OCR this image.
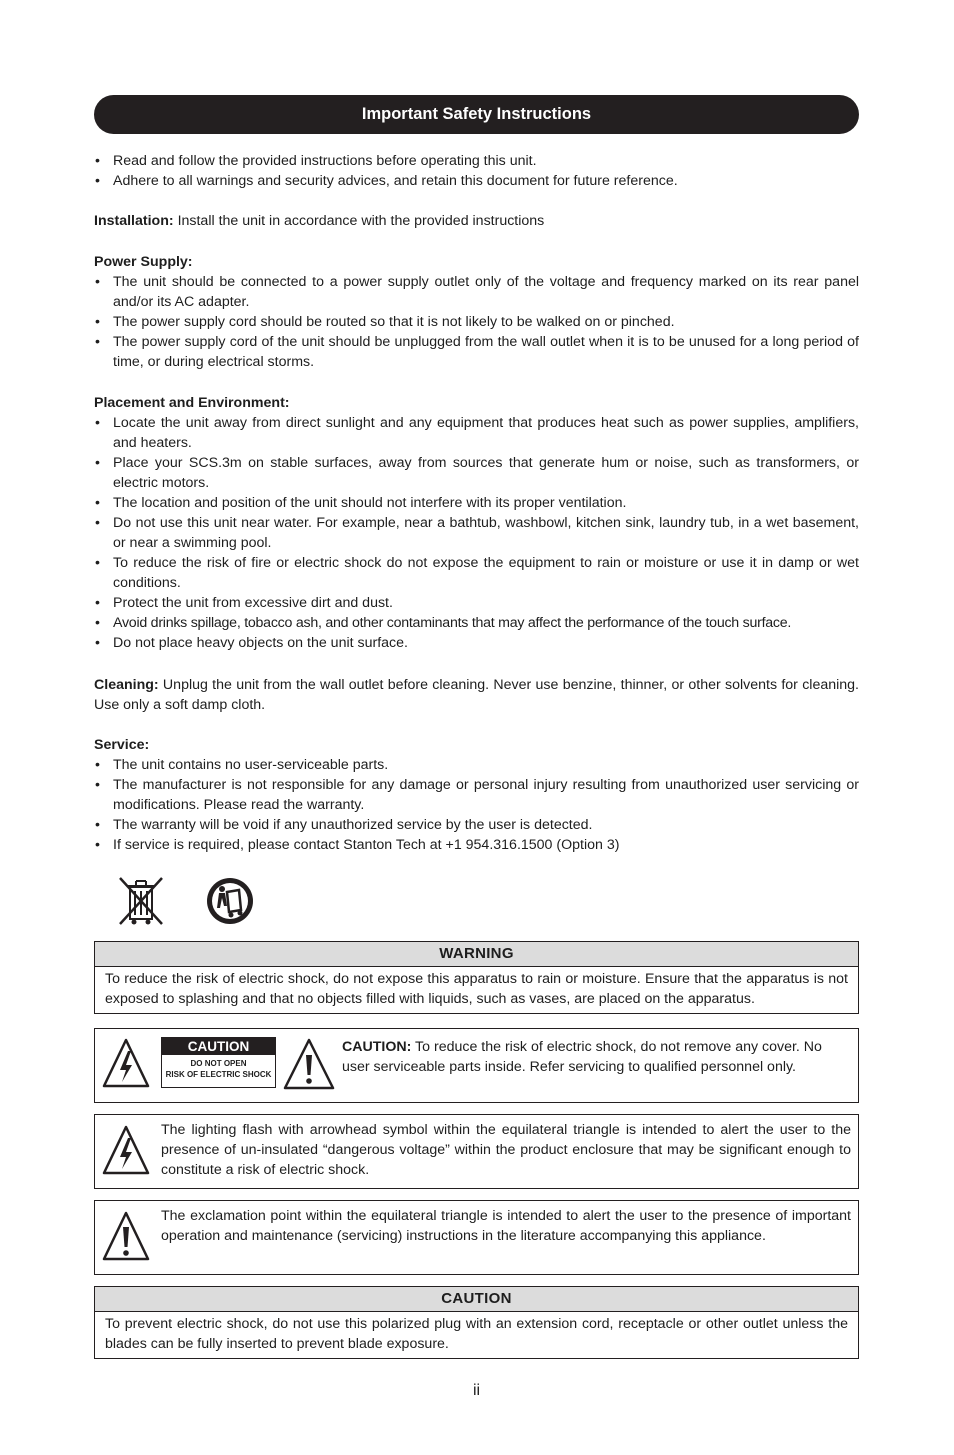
Important Safety Instructions
• Read and follow the provided instructions before operating this unit.
• Adhere to all warnings and security advices, and retain this document for future reference.

Installation: Install the unit in accordance with the provided instructions

Power Supply:
• The unit should be connected to a power supply outlet only of the voltage and frequency marked on its rear panel and/or its AC adapter.
• The power supply cord should be routed so that it is not likely to be walked on or pinched.
• The power supply cord of the unit should be unplugged from the wall outlet when it is to be unused for a long period of time, or during electrical storms.
Placement and Environment:
• Locate the unit away from direct sunlight and any equipment that produces heat such as power supplies, amplifiers, and heaters.
• Place your SCS.3m on stable surfaces, away from sources that generate hum or noise, such as transformers, or electric motors.
• The location and position of the unit should not interfere with its proper ventilation.
• Do not use this unit near water. For example, near a bathtub, washbowl, kitchen sink, laundry tub, in a wet basement, or near a swimming pool.
• To reduce the risk of fire or electric shock do not expose the equipment to rain or moisture or use it in damp or wet conditions.
• Protect the unit from excessive dirt and dust.
• Avoid drinks spillage, tobacco ash, and other contaminants that may affect the performance of the touch surface.
• Do not place heavy objects on the unit surface.

Cleaning: Unplug the unit from the wall outlet before cleaning. Never use benzine, thinner, or other solvents for cleaning. Use only a soft damp cloth.

Service:
• The unit contains no user-serviceable parts.
• The manufacturer is not responsible for any damage or personal injury resulting from unauthorized user servicing or modifications. Please read the warranty.
• The warranty will be void if any unauthorized service by the user is detected.
• If service is required, please contact Stanton Tech at +1 954.316.1500 (Option 3)
WARNING
To reduce the risk of electric shock, do not expose this apparatus to rain or moisture. Ensure that the apparatus is not exposed to splashing and that no objects filled with liquids, such as vases, are placed on the apparatus.
CAUTION
DO NOT OPEN
RISK OF ELECTRIC SHOCK
CAUTION: To reduce the risk of electric shock, do not remove any cover. No user serviceable parts inside. Refer servicing to qualified personnel only.
The lighting flash with arrowhead symbol within the equilateral triangle is intended to alert the user to the presence of un-insulated “dangerous voltage” within the product enclosure that may be significant enough to constitute a risk of electric shock.
The exclamation point within the equilateral triangle is intended to alert the user to the presence of important operation and maintenance (servicing) instructions in the literature accompanying this appliance.
CAUTION
To prevent electric shock, do not use this polarized plug with an extension cord, receptacle or other outlet unless the blades can be fully inserted to prevent blade exposure.
ii
